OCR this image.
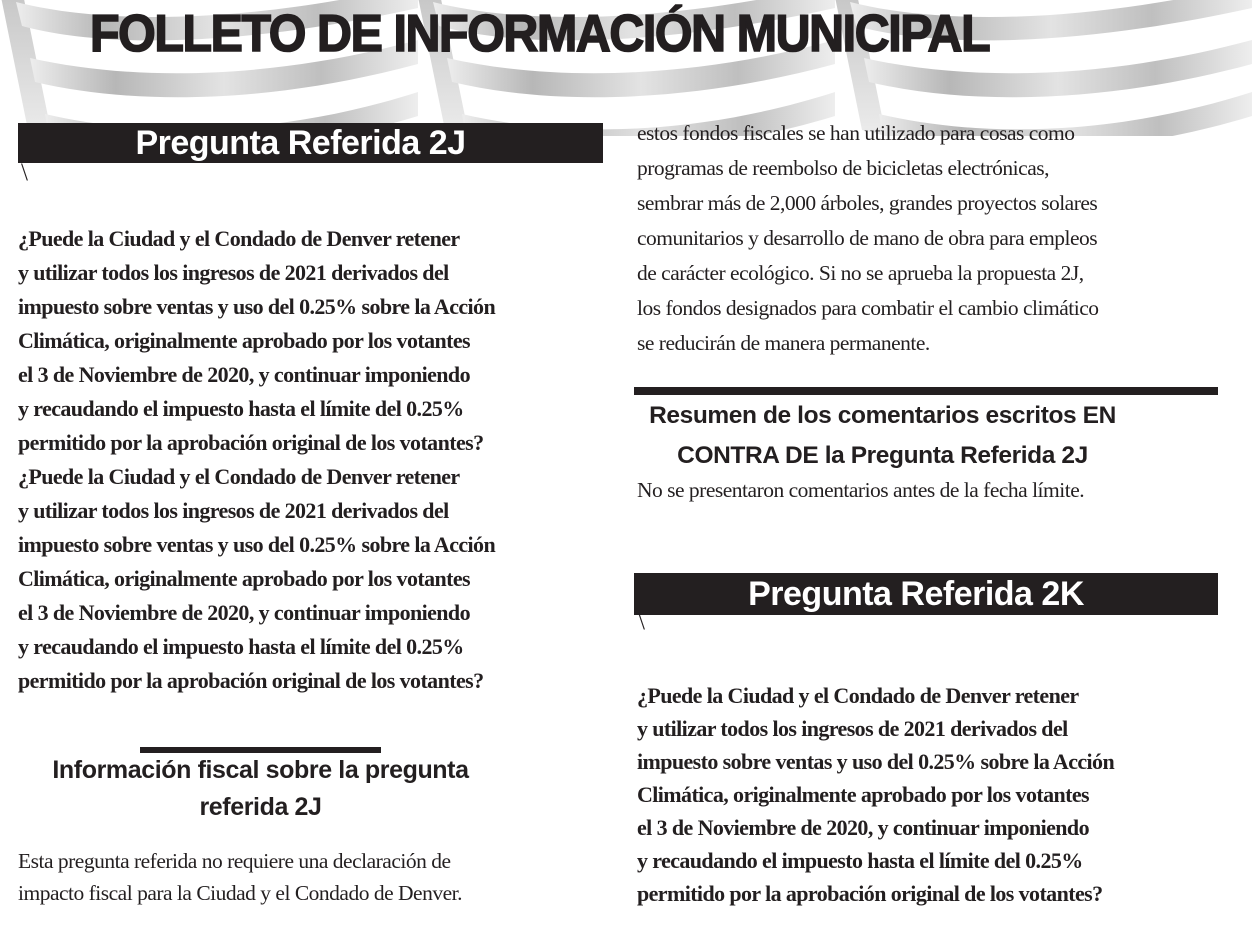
FOLLETO DE INFORMACIÓN MUNICIPAL
Pregunta Referida 2J
\
¿Puede la Ciudad y el Condado de Denver retener
y utilizar todos los ingresos de 2021 derivados del
impuesto sobre ventas y uso del 0.25% sobre la Acción
Climática, originalmente aprobado por los votantes
el 3 de Noviembre de 2020, y continuar imponiendo
y recaudando el impuesto hasta el límite del 0.25%
permitido por la aprobación original de los votantes?
¿Puede la Ciudad y el Condado de Denver retener
y utilizar todos los ingresos de 2021 derivados del
impuesto sobre ventas y uso del 0.25% sobre la Acción
Climática, originalmente aprobado por los votantes
el 3 de Noviembre de 2020, y continuar imponiendo
y recaudando el impuesto hasta el límite del 0.25%
permitido por la aprobación original de los votantes?
Información fiscal sobre la pregunta
referida 2J
Esta pregunta referida no requiere una declaración de
impacto fiscal para la Ciudad y el Condado de Denver.
estos fondos fiscales se han utilizado para cosas como
programas de reembolso de bicicletas electrónicas,
sembrar más de 2,000 árboles, grandes proyectos solares
comunitarios y desarrollo de mano de obra para empleos
de carácter ecológico. Si no se aprueba la propuesta 2J,
los fondos designados para combatir el cambio climático
se reducirán de manera permanente.
Resumen de los comentarios escritos EN
CONTRA DE la Pregunta Referida 2J
No se presentaron comentarios antes de la fecha límite.
Pregunta Referida 2K
\
¿Puede la Ciudad y el Condado de Denver retener
y utilizar todos los ingresos de 2021 derivados del
impuesto sobre ventas y uso del 0.25% sobre la Acción
Climática, originalmente aprobado por los votantes
el 3 de Noviembre de 2020, y continuar imponiendo
y recaudando el impuesto hasta el límite del 0.25%
permitido por la aprobación original de los votantes?
